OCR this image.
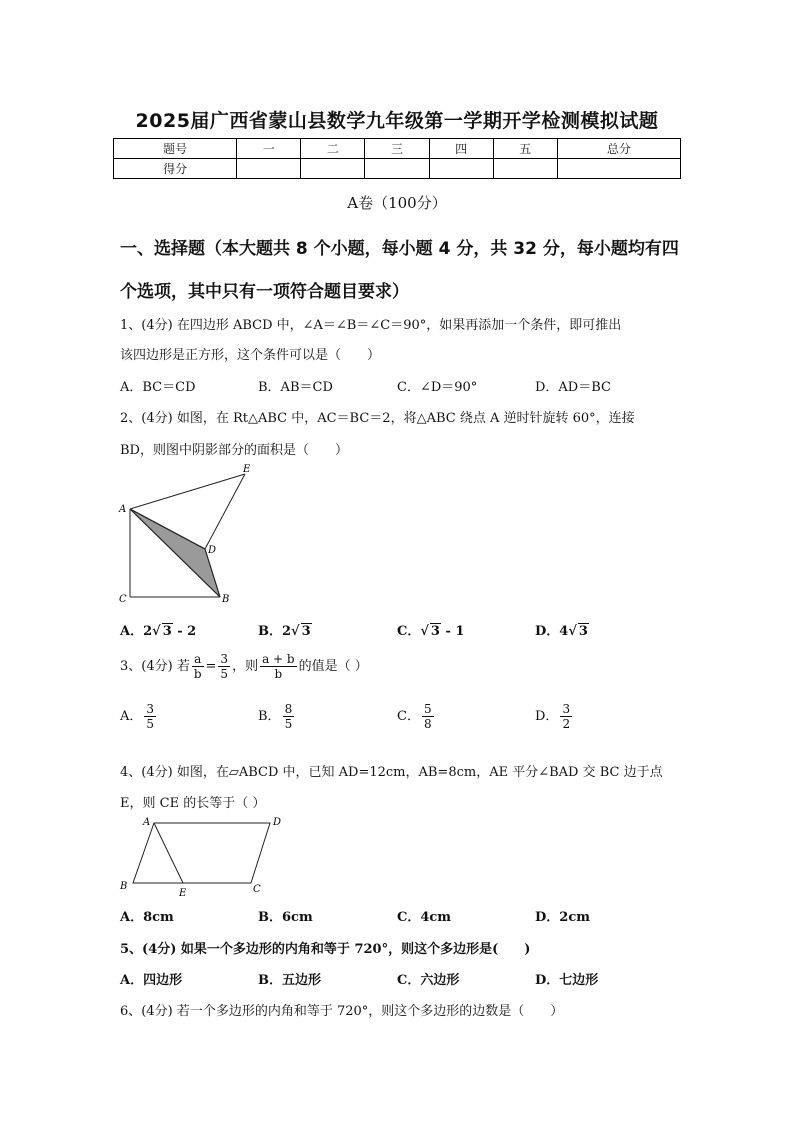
2025届广西省蒙山县数学九年级第一学期开学检测模拟试题
题号	一	二	三	四	五	总分
得分						
A卷（100分）
一、选择题（本大题共 8 个小题，每小题 4 分，共 32 分，每小题均有四个选项，其中只有一项符合题目要求）
1、(4分) 在四边形 ABCD 中，∠A＝∠B＝∠C＝90°，如果再添加一个条件，即可推出
该四边形是正方形，这个条件可以是（　　）
A．BC＝CD	B．AB＝CD	C．∠D＝90°	D．AD＝BC
2、(4分) 如图，在 Rt△ABC 中，AC＝BC＝2，将△ABC 绕点 A 逆时针旋转 60°，连接
BD，则图中阴影部分的面积是（　　）
A
B
C
D
E
A．2√ 3 - 2	B．2√ 3	C．√ 3 - 1	D．4√ 3
3、(4分) 若 $\frac{a}{b} = \frac{3}{5}$ ，则 $\frac{a + b}{b}$ 的值是（ ）
A． $\frac{3}{5}$	B． $\frac{8}{5}$	C． $\frac{5}{8}$	D． $\frac{3}{2}$
4、(4分) 如图，在▱ABCD 中，已知 AD=12cm，AB=8cm，AE 平分∠BAD 交 BC 边于点
E，则 CE 的长等于（ ）
A
B	C
D
E
A．8cm	B．6cm	C．4cm	D．2cm
5、(4分) 如果一个多边形的内角和等于 720°，则这个多边形是(　　)
A．四边形	B．五边形	C．六边形	D．七边形
6、(4分) 若一个多边形的内角和等于 720°，则这个多边形的边数是（　　）
